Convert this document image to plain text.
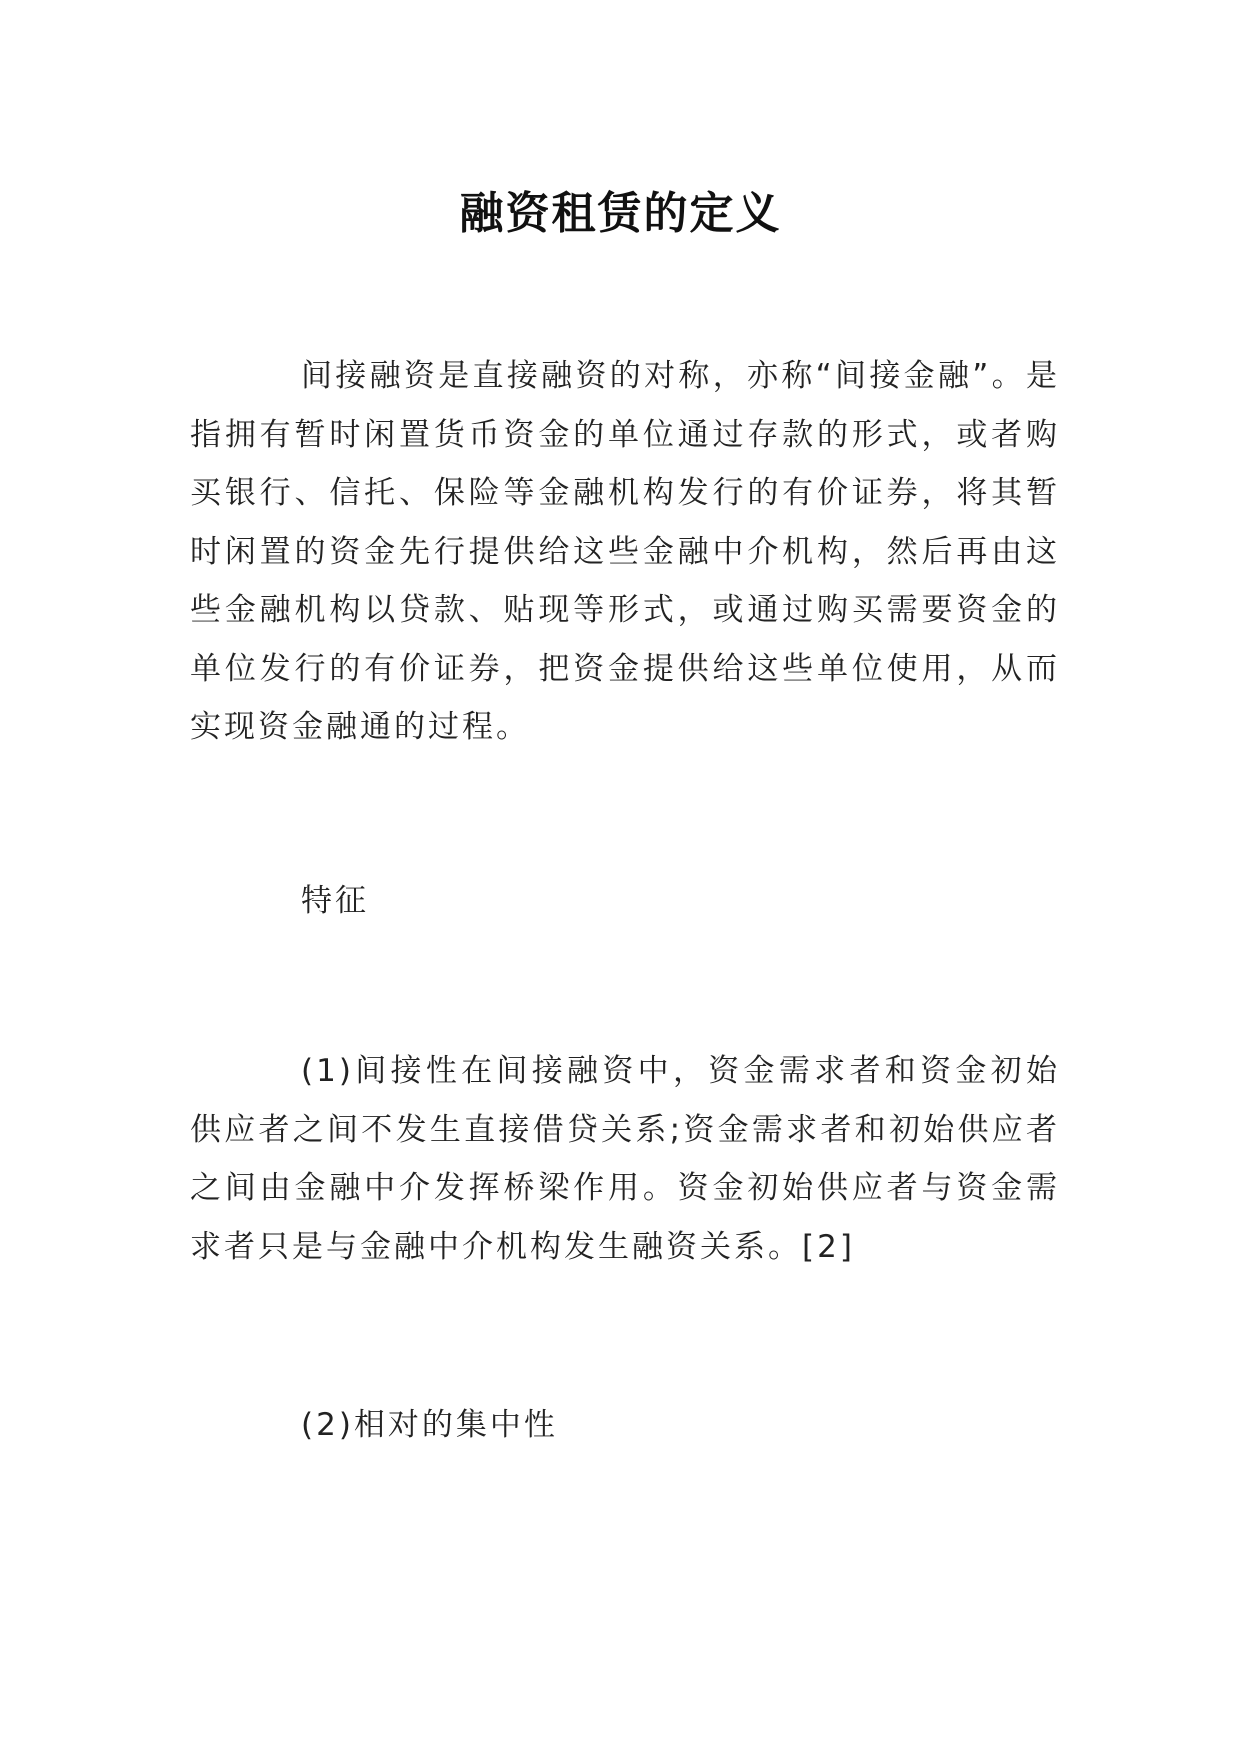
融资租赁的定义

间接融资是直接融资的对称，亦称“间接金融”。是指拥有暂时闲置货币资金的单位通过存款的形式，或者购买银行、信托、保险等金融机构发行的有价证券，将其暂时闲置的资金先行提供给这些金融中介机构，然后再由这些金融机构以贷款、贴现等形式，或通过购买需要资金的单位发行的有价证券，把资金提供给这些单位使用，从而实现资金融通的过程。

特征

(1)间接性在间接融资中，资金需求者和资金初始供应者之间不发生直接借贷关系;资金需求者和初始供应者之间由金融中介发挥桥梁作用。资金初始供应者与资金需求者只是与金融中介机构发生融资关系。[2]

(2)相对的集中性
